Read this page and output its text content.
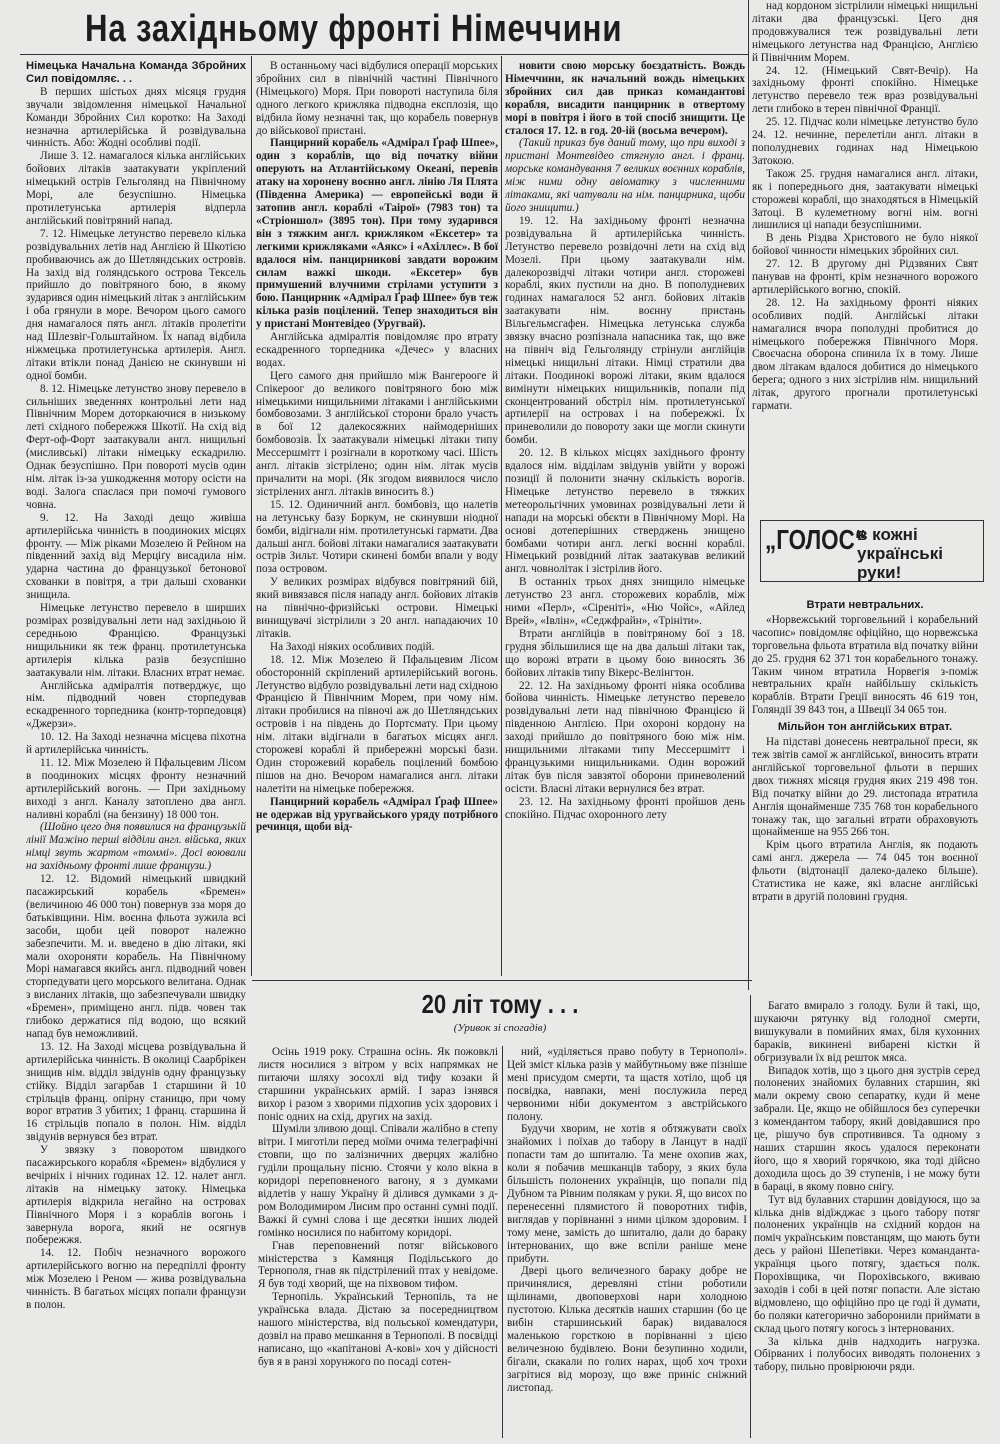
На західньому фронті Німеччини

Німецька Начальна Команда Збройних Сил повідомляє. . .

В перших шістьох днях місяця грудня звучали звідомлення німецької Начальної Команди Збройних Сил коротко: На Заході незначна артилерійська й розвідувальна чинність. Або: Жодні особливі події.

Лише 3. 12. намагалося кілька англійських бойових літаків заатакувати укріплений німецький острів Гельголянд на Північному Морі, але безуспішно. Німецька протилетунська артилерія відперла англійський повітряний напад.

7. 12. Німецьке летунство перевело кілька розвідувальних летів над Англією й Шкотією пробиваючись аж до Шетляндських островів. На захід від голяндського острова Тексель прийшло до повітряного бою, в якому зударився один німецький літак з англійським і оба грянули в море. Вечором цього самого дня намагалося пять англ. літаків пролетіти над Шлезвіг-Гольштайном. Їх напад відбила ніжмецька протилетунська артилерія. Англ. літаки втікли понад Данією не скинувши ні одної бомби.

8. 12. Німецьке летунство знову перевело в сильніших зведеннях контрольні лети над Північним Морем доторкаючися в низькому леті східного побережжя Шкотії. На схід від Ферт-оф-Форт заатакували англ. нищильні (мисливські) літаки німецьку ескадрилю. Однак безуспішно. При поворотi мусів один нім. літак із-за ушкодження мотору осісти на воді. Залога спаслася при помочі гумового човна.

9. 12. На Заході дещо живіша артилерійська чинність в поодиноких місцях фронту. — Між ріками Мозелею й Рейном на південний захід від Мерціґу висадила нім. ударна частина до французької бетонової схованки в повітря, а три дальші схованки знищила.

Німецьке летунство перевело в ширших розмірах розвідувальні лети над західньою й середньою Францією. Французькі нищильники як теж франц. протилетунська артилерія кілька разів безуспішно заатакували нім. літаки. Власних втрат немає.

Англійська адміралтія потверджує, що нім. підводний човен сторпедував ескадренного торпедника (контр-торпедовця) «Джерзи».

10. 12. На Заході незначна місцева піхотна й артилерійська чинність.

11. 12. Між Мозелею й Пфальцевим Лісом в поодиноких місцях фронту незначний артилерійський вогонь. — При західньому виході з англ. Каналу затоплено два англ. наливні кораблі (на бензину) 18 000 тон.

(Шойно цего дня появилися на французькій лінії Мажіно перші відділи англ. війська, яких німці звуть жартом «томмі». Досі воювали на західньому фронті лише французи.)

12. 12. Відомий німецький швидкий пасажирський корабель «Бремен» (величиною 46 000 тон) повернув зза моря до батьківщини. Нім. воєнна фльота зужила всі засоби, щоби цей поворот належно забезпечити. М. и. введено в дію літаки, які мали охороняти корабель. На Північному Морі намагався якийсь англ. підводний човен сторпедувати цего морського велитана. Однак з висланих літаків, що забезпечували швидку «Бремен», приміщено англ. підв. човен так глибоко держатися під водою, що всякий напад був неможливий.

13. 12. На Заході місцева розвідувальна й артилерійська чинність. В околиці Саарбрікен знищив нім. відділ звідунів одну французьку стійку. Відділ загарбав 1 старшини й 10 стрільців франц. опірну станицю, при чому ворог втратив 3 убитих; 1 франц. старшина й 16 стрільців попало в полон. Нім. відділ звідунів вернувся без втрат.

У звязку з поворотом швидкого пасажирського корабля «Бремен» відбулися у вечірніх і нічних годинах 12. 12. налет англ. літаків на німецьку затоку. Німецька артилерія відкрила негайно на островах Північного Моря і з кораблів вогонь і завернула ворога, який не осягнув побережжя.

14. 12. Побіч незначного ворожого артилерійського вогню на передпіллі фронту між Мозелею і Реном — жива розвідувальна чинність. В багатьох місцях попали французи в полон.

В останньому часі відбулися операції морських збройних сил в північній частині Північного (Німецького) Моря. При повороті наступила біля одного легкого крижляка підводна експлозія, що відбила йому незначні так, що корабель повернув до військової пристані.

Панцирний корабель «Адмірал Ґраф Шпее», один з кораблів, що від початку війни оперують на Атлантійському Океані, перевів атаку на хоронену воєнно англ. лінію Ля Плята (Південна Америка) — европейські води й затопив англ. кораблі «Таірої» (7983 тон) та «Стріоншол» (3895 тон). При тому зударився він з тяжким англ. крижляком «Ексетер» та легкими крижляками «Аякс» і «Ахіллес». В бої вдалося нім. панцирникові завдати ворожим силам важкі шкоди. «Ексетер» був примушений влучними стрілами уступити з бою. Панцирник «Адмірал Ґраф Шпее» був теж кілька разів поцілений. Тепер знаходиться він у пристані Монтевідео (Уругвай).

Англійська адміралтія повідомляє про втрату ескадренного торпедника «Дечес» у власних водах.

Цего самого дня прийшло між Вангероогe й Спікероог до великого повітряного бою між німецькими нищильними літаками і англійськими бомбовозами. З англійської сторони брало участь в бої 12 далекосяжних наймодерніших бомбовозів. Їх заатакували німецькі літаки типу Мессершмітт і розігнали в короткому часі. Шість англ. літаків зістрілено; один нім. літак мусів причалити на морі. (Як згодом виявилося число зістрілених англ. літаків виносить 8.)

15. 12. Одиничний англ. бомбовіз, що налетів на летунську базу Боркум, не скинувши ніодної бомби, відігнали нім. протилетунські гармати. Два дальші англ. бойові літаки намагалися заатакувати острів Зильт. Чотири скинені бомби впали у воду поза островом.

У великих розмірах відбувся повітряний бій, який вивязався після нападу англ. бойових літаків на північно-фризійські острови. Німецькі винищувачі зістрілили з 20 англ. нападаючих 10 літаків.

На Заході ніяких особливих подій.

18. 12. Між Мозелею й Пфальцевим Лісом обосторонній скріплений артилерійський вогонь. Летунство відбуло розвідувальні лети над східною Францією й Північним Морем, при чому нім. літаки пробилися на півночі аж до Шетляндських островів і на південь до Портсмату. При цьому нім. літаки відігнали в багатьох місцях англ. сторожеві кораблі й прибережні морські бази. Один сторожевий корабель поцілений бомбою пішов на дно. Вечором намагалися англ. літаки налетіти на німецьке побережжя.

Панцирний корабель «Адмірал Ґраф Шпее» не одержав від уругвайського уряду потрібного речинця, щоби від-

новити свою морську боєздатність. Вождь Німеччини, як начальний вождь німецьких збройних сил дав приказ командантові корабля, висадити панцирник в отвертому морі в повітря і його в той спосіб знищити. Це сталося 17. 12. в год. 20-ій (восьма вечером).

(Такий приказ був даний тому, що при виході з пристані Монтевідео стягнуло англ. і франц. морське командування 7 великих воєнних кораблів, між ними одну авіоматку з численними літаками, які чатували на нім. панцирника, щоби його знищити.)

19. 12. На західньому фронті незначна розвідувальна й артилерійська чинність. Летунство перевело розвідочні лети на схід від Мозелі. При цьому заатакували нім. далекорозвідчі літаки чотири англ. сторожеві кораблі, яких пустили на дно. В пополудневих годинах намагалося 52 англ. бойових літаків заатакувати нім. воєнну пристань Вільгельмсгафен. Німецька летунська служба звязку вчасно розпізнала напасника так, що вже на північ від Гельголянду стрінули англійців німецькі нищильні літаки. Німці стратили два літаки. Поодинокі ворожі літаки, яким вдалося вимінути німецьких нищильників, попали під сконцентрований обстріл нім. протилетунської артилерії на островах і на побережжі. Їх приневолили до повороту заки ще могли скинути бомби.

20. 12. В кількох місцях західнього фронту вдалося нім. відділам звідунів увійти у ворожі позиції й полонити значну скількість ворогів. Німецьке летунство перевело в тяжких метеорольгічних умовинах розвідувальні лети й напади на морські обєкти в Північному Морі. На основі дотеперішних стверджень знищено бомбами чотири англ. легкі воєнні кораблі. Німецький розвідний літак заатакував великий англ. човнолітак і зістрілив його.

В останніх трьох днях знищило німецьке летунство 23 англ. сторожевих кораблів, між ними «Перл», «Сіреніті», «Ню Чойс», «Айлед Врей», «Івлін», «Седжфрайн», «Трініти».

Втрати англійців в повітряному бої з 18. грудня збільшилися ще на два дальші літаки так, що ворожі втрати в цьому бою виносять 36 бойових літаків типу Вікерс-Велінгтон.

22. 12. На західньому фронті ніяка особлива бойова чинність. Німецьке летунство перевело розвідувальні лети над північною Францією й південною Англією. При охороні кордону на заході прийшло до повітряного бою між нім. нищильними літаками типу Мессершмітт і французькими нищильниками. Один ворожий літак був після завзятої оборони приневолений осісти. Власні літаки вернулися без втрат.

23. 12. На західньому фронті пройшов день спокійно. Підчас охоронного лету

над кордоном зістрілили німецькі нищильні літаки два французські. Цего дня продовжувалися теж розвідувальні лети німецького летунства над Францією, Англією й Північним Морем.

24. 12. (Німецький Свят-Вечір). На західньому фронті спокійно. Німецьке летунство перевело теж враз розвідувальні лети глибоко в терен північної Франції.

25. 12. Підчас коли німецьке летунство було 24. 12. нечинне, перелетіли англ. літаки в пополудневих годинах над Німецькою Затокою.

Також 25. грудня намагалися англ. літаки, як і попереднього дня, заатакувати німецькі сторожеві кораблі, що знаходяться в Німецькій Затоці. В кулеметному вогні нім. вогні лишилися ці напади безуспішними.

В день Різдва Христового не було ніякої бойової чинности німецьких збройних сил.

27. 12. В другому дні Рідзвяних Свят панував на фронті, крім незначного ворожого артилерійського вогню, спокій.

28. 12. На західньому фронті ніяких особливих подій. Англійські літаки намагалися вчора пополудні пробитися до німецького побережжя Північного Моря. Своєчасна оборона спинила їх в тому. Лише двом літакам вдалося добитися до німецького берега; одного з них зістрілив нім. нищильний літак, другого прогнали протилетунські гармати.

„ГОЛОС“
в кожні українські руки!

Втрати невтральних.

«Норвежський торговельний і корабельний часопис» повідомляє офіційно, що норвежська торговельна фльота втратила від початку війни до 25. грудня 62 371 тон корабельного тонажу. Таким чином втратила Норвегія з-поміж невтральних країн найбільшу скількість кораблів. Втрати Греції виносять 46 619 тон, Голяндії 39 843 тон, а Швеції 34 065 тон.

Мільйон тон англійських втрат.

На підставі донесень невтральної преси, як теж звітів самої ж англійської, виносить втрати англійської торговельної фльоти в перших двох тижнях місяця грудня яких 219 498 тон. Від початку війни до 29. листопада втратила Англія щонайменше 735 768 тон корабельного тонажу так, що загальні втрати обраховують щонайменше на 955 266 тон.

Крім цього втратила Англія, як подають самі англ. джерела — 74 045 тон воєнної фльоти (відтонації далеко-далеко більше). Статистика не каже, які власне англійські втрати в другій половині грудня.

20 літ тому . . .
(Уривок зі спогадів)

Осінь 1919 року. Страшна осінь. Як пожовклі листя носилися з вітром у всіх напрямках не питаючи шляху зосохлі від тифу козаки й старшини українських армій. І зараз ізнявся вихор і разом з хворими підхопив усіх здорових і поніс одних на схід, других на захід.

Шуміли зливою дощі. Співали жалібно в степу вітри. І миготіли перед моїми очима телеграфічні стовпи, що по залізничних дверцях жалібно гуділи прощальну пісню. Стоячи у коло вікна в коридорі переповненого вагону, я з думками відлетів у нашу Україну й ділився думками з д-ром Володимиром Лисим про останні сумні події. Важкі й сумні слова і ще десятки інших людей гомінко носилися по набитому коридорі.

Гнав переповнений потяг військового міністерства з Камянця Подільського до Тернополя, гнав як підстрілений птах у невідоме. Я був тоді хворий, ще на піхвовом тифом.

Тернопіль. Український Тернопіль, та не українська влада. Дістаю за посередництвом нашого міністерства, від польської комендатури, дозвіл на право мешкання в Тернополі. В посвідці написано, що «капітанові А-кові» хоч у дійсності був я в ранзі хорунжого по посаді сотен-

ний, «уділяється право побуту в Тернополі». Цей зміст кілька разів у майбутньому вже пізніше мені присудом смерти, та щастя хотіло, щоб ця посвідка, навпаки, мені послужила перед червоними ніби документом з австрійського полону.

Будучи хворим, не хотів я обтяжувати своїх знайомих і поїхав до табору в Ланцут в надії попасти там до шпиталю. Та мене охопив жах, коли я побачив мешканців табору, з яких була більшість полонених українців, що попали під Дубном та Рівним полякам у руки. Я, що висох по перенесенні плямистого й поворотних тифів, виглядав у порівнанні з ними цілком здоровим. І тому мене, замість до шпиталю, дали до бараку інтернованих, що вже вспіли раніше мене прибути.

Двері цього величезного бараку добре не причинялися, деревляні стіни роботили щілинами, двоповерхові нари холодною пустотою. Кілька десятків наших старшин (бо це вибін старшинський барак) видавалося маленькою горсткою в порівнанні з цією величезною будівлею. Вони безупинно ходили, бігали, скакали по голих нарах, щоб хоч трохи загрітися від морозу, що вже приніс сніжний листопад.

Багато вмирало з голоду. Були й такі, що, шукаючи рятунку від голодної смерти, вишукували в помийних ямах, біля кухонних бараків, викинені вибарені кістки й обгризували їх від решток мяса.

Випадок хотів, що з цього дня зустрів серед полонених знайомих булавних старшин, які мали окрему свою сепаратку, куди й мене забрали. Це, якщо не обійшлося без суперечки з комендантом табору, який довідавшися про це, рішучо був спротивився. Та одному з наших старшин якось удалося переконати його, що я хворий горячкою, яка тоді дійсно доходила щось до 39 ступенів, і не можу бути в бараці, в якому повно снігу.

Тут від булавних старшин довідуюся, що за кілька днів відїжджає з цього табору потяг полонених українців на східний кордон на поміч українським повстанцям, що мають бути десь у районі Шепетівки. Через команданта-українця цього потягу, здається полк. Порохівщика, чи Порохівського, вживаю заходів і собі в цей потяг попасти. Але зістаю відмовлено, що офіційно про це годі й думати, бо поляки категорично заборонили приймати в склад цього потягу когось з інтернованих.

За кілька днів надходить нагрузка. Обірваних і полубосих виводять полонених з табору, пильно провірюючи ряди.
